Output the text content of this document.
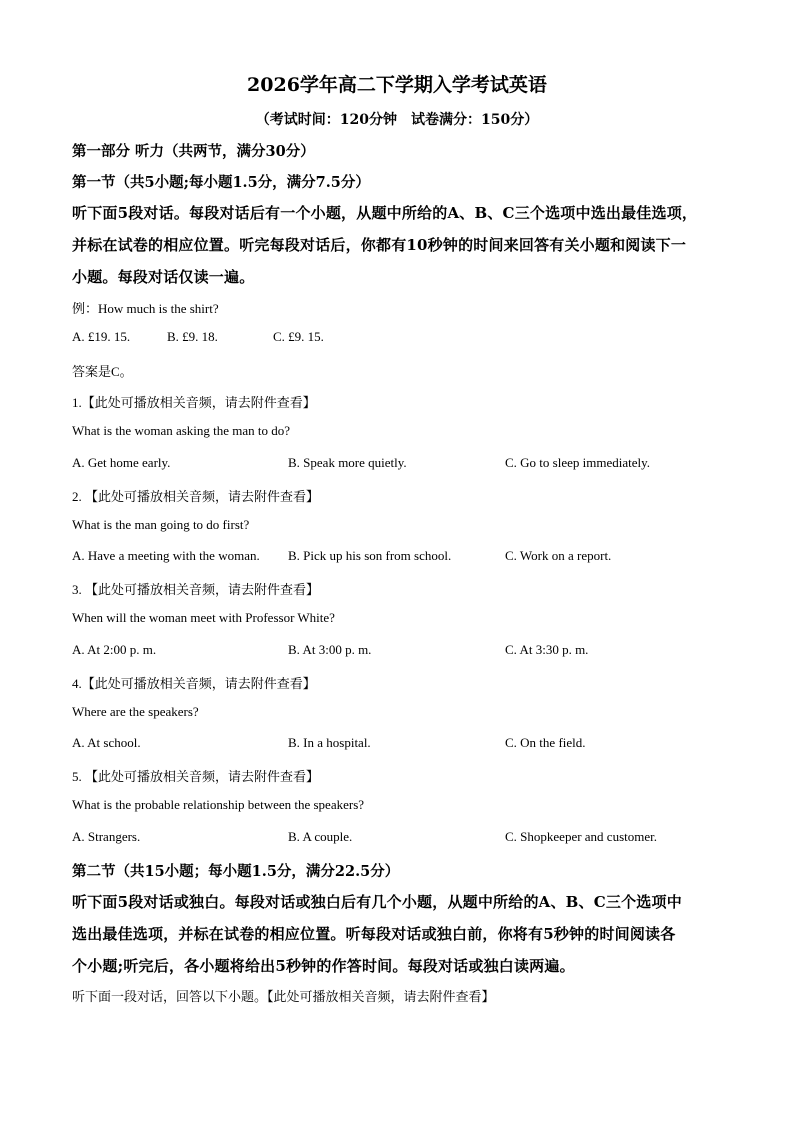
2026学年高二下学期入学考试英语
（考试时间：120分钟　试卷满分：150分）
第一部分 听力（共两节，满分30分）
第一节（共5小题;每小题1.5分，满分7.5分）
听下面5段对话。每段对话后有一个小题，从题中所给的A、B、C三个选项中选出最佳选项，
并标在试卷的相应位置。听完每段对话后，你都有10秒钟的时间来回答有关小题和阅读下一
小题。每段对话仅读一遍。
例：How much is the shirt?
A. £19. 15.	B. £9. 18.	C. £9. 15.
答案是C。
1.【此处可播放相关音频，请去附件查看】
What is the woman asking the man to do?
A. Get home early.	B. Speak more quietly.	C. Go to sleep immediately.
2. 【此处可播放相关音频，请去附件查看】
What is the man going to do first?
A. Have a meeting with the woman. B. Pick up his son from school.	C. Work on a report.
3. 【此处可播放相关音频，请去附件查看】
When will the woman meet with Professor White?
A. At 2:00 p. m.	B. At 3:00 p. m.	C. At 3:30 p. m.
4.【此处可播放相关音频，请去附件查看】
Where are the speakers?
A. At school.	B. In a hospital.	C. On the field.
5. 【此处可播放相关音频，请去附件查看】
What is the probable relationship between the speakers?
A. Strangers.	B. A couple.	C. Shopkeeper and customer.
第二节（共15小题；每小题1.5分，满分22.5分）
听下面5段对话或独白。每段对话或独白后有几个小题，从题中所给的A、B、C三个选项中
选出最佳选项，并标在试卷的相应位置。听每段对话或独白前，你将有5秒钟的时间阅读各
个小题;听完后，各小题将给出5秒钟的作答时间。每段对话或独白读两遍。
听下面一段对话，回答以下小题。【此处可播放相关音频，请去附件查看】
